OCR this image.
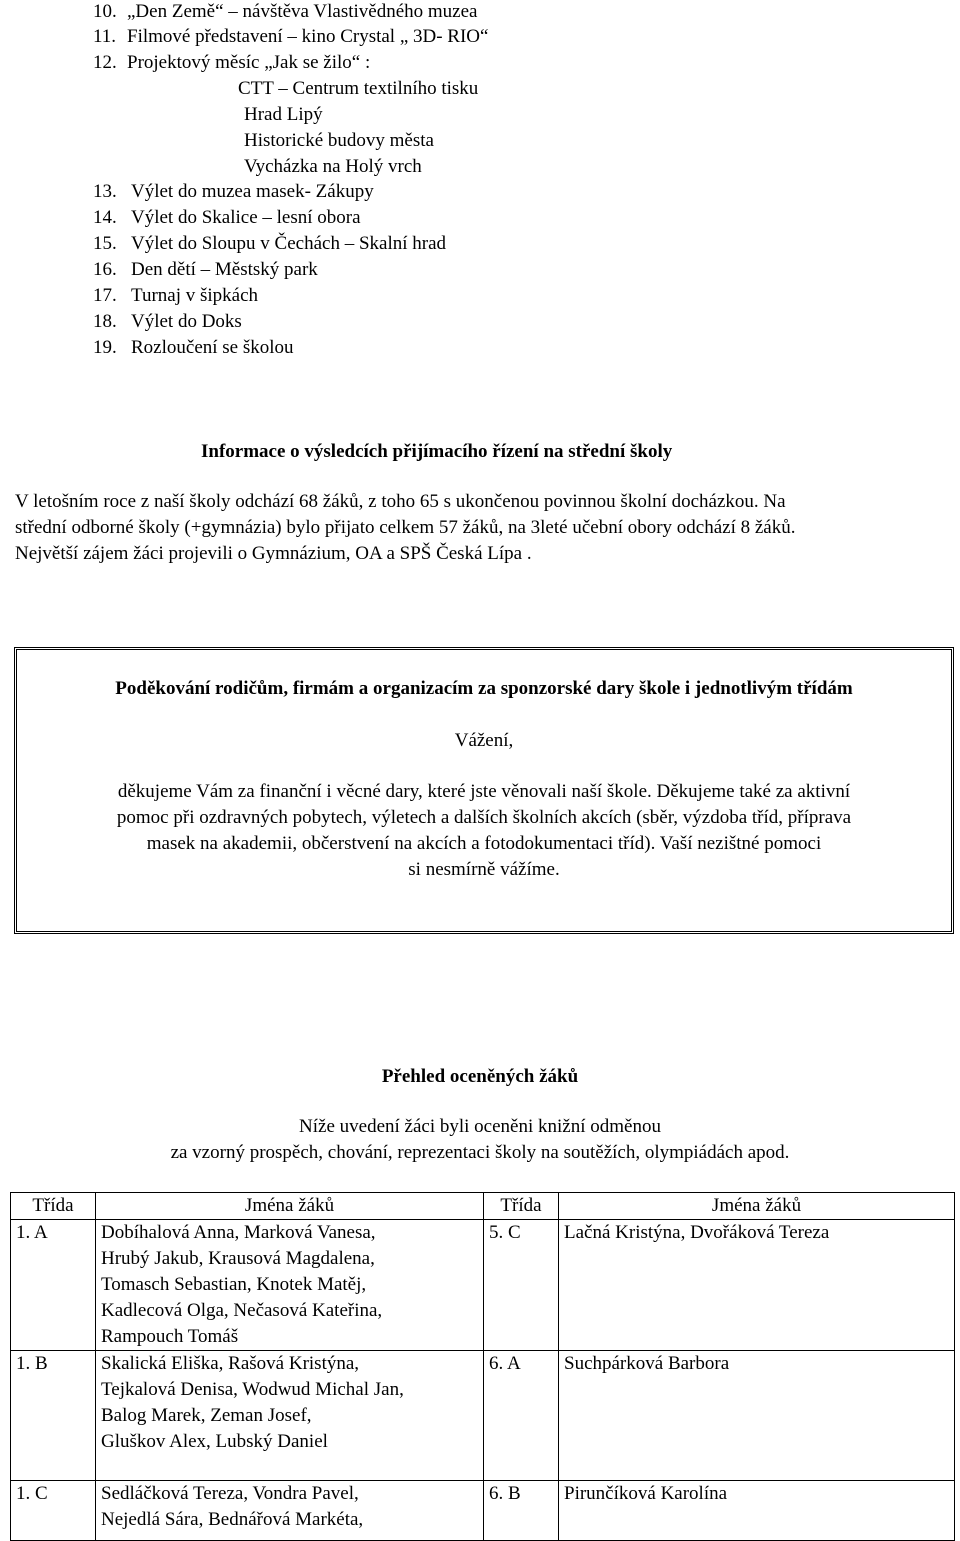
10. „Den Země“ – návštěva Vlastivědného muzea
11. Filmové představení – kino Crystal „ 3D- RIO“
12. Projektový měsíc „Jak se žilo“ :
CTT – Centrum textilního tisku
Hrad Lipý
Historické budovy města
Vycházka na Holý vrch
13. Výlet do muzea masek- Zákupy
14. Výlet do Skalice – lesní obora
15. Výlet do Sloupu v Čechách – Skalní hrad
16. Den dětí – Městský park
17. Turnaj v šipkách
18. Výlet do Doks
19. Rozloučení se školou
Informace o výsledcích přijímacího řízení na střední školy
V letošním roce z naší školy odchází 68 žáků, z toho 65 s ukončenou povinnou školní docházkou. Na
střední odborné školy (+gymnázia) bylo přijato celkem 57 žáků, na 3leté učební obory odchází 8 žáků.
Největší zájem žáci projevili o Gymnázium, OA a SPŠ Česká Lípa .
Poděkování rodičům, firmám a organizacím za sponzorské dary škole i jednotlivým třídám
Vážení,
děkujeme Vám za finanční i věcné dary, které jste věnovali naší škole. Děkujeme také za aktivní
pomoc při ozdravných pobytech, výletech a dalších školních akcích (sběr, výzdoba tříd, příprava
masek na akademii, občerstvení na akcích a fotodokumentaci tříd). Vaší nezištné pomoci
si nesmírně vážíme.
Přehled oceněných žáků
Níže uvedení žáci byli oceněni knižní odměnou
za vzorný prospěch, chování, reprezentaci školy na soutěžích, olympiádách apod.
Třída	Jména žáků	Třída	Jména žáků
1. A	Dobíhalová Anna, Marková Vanesa,
Hrubý Jakub, Krausová Magdalena,
Tomasch Sebastian, Knotek Matěj,
Kadlecová Olga, Nečasová Kateřina,
Rampouch Tomáš	5. C	Lačná Kristýna, Dvořáková Tereza

1. B	Skalická Eliška, Rašová Kristýna,
Tejkalová Denisa, Wodwud Michal Jan,
Balog Marek, Zeman Josef,
Gluškov Alex, Lubský Daniel	6. A	Suchpárková Barbora

1. C	Sedláčková Tereza, Vondra Pavel,
Nejedlá Sára, Bednářová Markéta,	6. B	Pirunčíková Karolína
